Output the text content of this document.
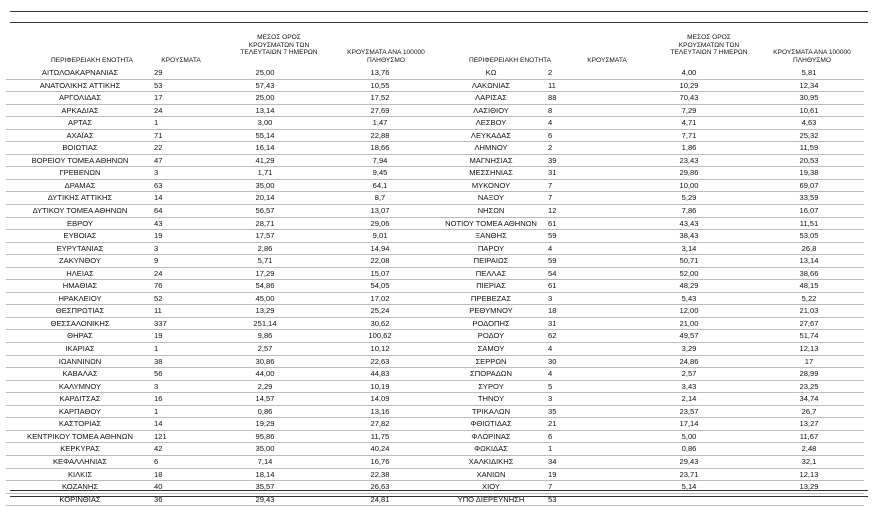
ΠΕΡΙΦΕΡΕΙΑΚΗ ΕΝΟΤΗΤΑ	ΚΡΟΥΣΜΑΤΑ
ΜΕΣΟΣ ΟΡΟΣ
ΚΡΟΥΣΜΑΤΩΝ ΤΩΝ
ΤΕΛΕΥΤΑΙΩΝ 7 ΗΜΕΡΩΝ	ΚΡΟΥΣΜΑΤΑ ΑΝΑ 100000
ΠΛΗΘΥΣΜΟ	ΠΕΡΙΦΕΡΕΙΑΚΗ ΕΝΟΤΗΤΑ	ΚΡΟΥΣΜΑΤΑ
ΜΕΣΟΣ ΟΡΟΣ
ΚΡΟΥΣΜΑΤΩΝ ΤΩΝ
ΤΕΛΕΥΤΑΙΩΝ 7 ΗΜΕΡΩΝ	ΚΡΟΥΣΜΑΤΑ ΑΝΑ 100000
ΠΛΗΘΥΣΜΟ
ΑΙΤΩΛΟΑΚΑΡΝΑΝΙΑΣ	29	25,00	13,76	ΚΩ	2	4,00	5,81
ΑΝΑΤΟΛΙΚΗΣ ΑΤΤΙΚΗΣ	53	57,43	10,55	ΛΑΚΩΝΙΑΣ	11	10,29	12,34
ΑΡΓΟΛΙΔΑΣ	17	25,00	17,52	ΛΑΡΙΣΑΣ	88	70,43	30,95
ΑΡΚΑΔΙΑΣ	24	13,14	27,69	ΛΑΣΙΘΙΟΥ	8	7,29	10,61
ΑΡΤΑΣ	1	3,00	1,47	ΛΕΣΒΟΥ	4	4,71	4,63
ΑΧΑΪΑΣ	71	55,14	22,88	ΛΕΥΚΑΔΑΣ	6	7,71	25,32
ΒΟΙΩΤΙΑΣ	22	16,14	18,66	ΛΗΜΝΟΥ	2	1,86	11,59
ΒΟΡΕΙΟΥ ΤΟΜΕΑ ΑΘΗΝΩΝ	47	41,29	7,94	ΜΑΓΝΗΣΙΑΣ	39	23,43	20,53
ΓΡΕΒΕΝΩΝ	3	1,71	9,45	ΜΕΣΣΗΝΙΑΣ	31	29,86	19,38
ΔΡΑΜΑΣ	63	35,00	64,1	ΜΥΚΟΝΟΥ	7	10,00	69,07
ΔΥΤΙΚΗΣ ΑΤΤΙΚΗΣ	14	20,14	8,7	ΝΑΞΟΥ	7	5,29	33,59
ΔΥΤΙΚΟΥ ΤΟΜΕΑ ΑΘΗΝΩΝ	64	56,57	13,07	ΝΗΣΩΝ	12	7,86	16,07
ΕΒΡΟΥ	43	28,71	29,06	ΝΟΤΙΟΥ ΤΟΜΕΑ ΑΘΗΝΩΝ	61	43,43	11,51
ΕΥΒΟΙΑΣ	19	17,57	9,01	ΞΑΝΘΗΣ	59	38,43	53,05
ΕΥΡΥΤΑΝΙΑΣ	3	2,86	14,94	ΠΑΡΟΥ	4	3,14	26,8
ΖΑΚΥΝΘΟΥ	9	5,71	22,08	ΠΕΙΡΑΙΩΣ	59	50,71	13,14
ΗΛΕΙΑΣ	24	17,29	15,07	ΠΕΛΛΑΣ	54	52,00	38,66
ΗΜΑΘΙΑΣ	76	54,86	54,05	ΠΙΕΡΙΑΣ	61	48,29	48,15
ΗΡΑΚΛΕΙΟΥ	52	45,00	17,02	ΠΡΕΒΕΖΑΣ	3	5,43	5,22
ΘΕΣΠΡΩΤΙΑΣ	11	13,29	25,24	ΡΕΘΥΜΝΟΥ	18	12,00	21,03
ΘΕΣΣΑΛΟΝΙΚΗΣ	337	251,14	30,62	ΡΟΔΟΠΗΣ	31	21,00	27,67
ΘΗΡΑΣ	19	9,86	100,62	ΡΟΔΟΥ	62	49,57	51,74
ΙΚΑΡΙΑΣ	1	2,57	10,12	ΣΑΜΟΥ	4	3,29	12,13
ΙΩΑΝΝΙΝΩΝ	38	30,86	22,63	ΣΕΡΡΩΝ	30	24,86	17
ΚΑΒΑΛΑΣ	56	44,00	44,83	ΣΠΟΡΑΔΩΝ	4	2,57	28,99
ΚΑΛΥΜΝΟΥ	3	2,29	10,19	ΣΥΡΟΥ	5	3,43	23,25
ΚΑΡΔΙΤΣΑΣ	16	14,57	14,09	ΤΗΝΟΥ	3	2,14	34,74
ΚΑΡΠΑΘΟΥ	1	0,86	13,16	ΤΡΙΚΑΛΩΝ	35	23,57	26,7
ΚΑΣΤΟΡΙΑΣ	14	19,29	27,82	ΦΘΙΩΤΙΔΑΣ	21	17,14	13,27
ΚΕΝΤΡΙΚΟΥ ΤΟΜΕΑ ΑΘΗΝΩΝ	121	95,86	11,75	ΦΛΩΡΙΝΑΣ	6	5,00	11,67
ΚΕΡΚΥΡΑΣ	42	35,00	40,24	ΦΩΚΙΔΑΣ	1	0,86	2,48
ΚΕΦΑΛΛΗΝΙΑΣ	6	7,14	16,76	ΧΑΛΚΙΔΙΚΗΣ	34	29,43	32,1
ΚΙΛΚΙΣ	18	18,14	22,38	ΧΑΝΙΩΝ	19	23,71	12,13
ΚΟΖΑΝΗΣ	40	35,57	26,63	ΧΙΟΥ	7	5,14	13,29
ΚΟΡΙΝΘΙΑΣ	36	29,43	24,81	ΥΠΟ ΔΙΕΡΕΥΝΗΣΗ	53		
